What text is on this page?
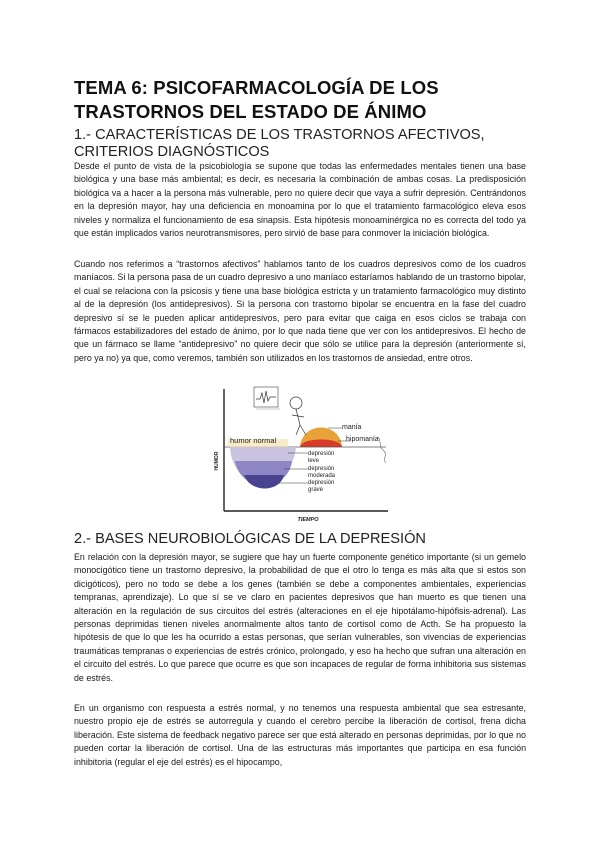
TEMA 6: PSICOFARMACOLOGÍA DE LOS TRASTORNOS DEL ESTADO DE ÁNIMO
1.- CARACTERÍSTICAS DE LOS TRASTORNOS AFECTIVOS, CRITERIOS DIAGNÓSTICOS
Desde el punto de vista de la psicobiología se supone que todas las enfermedades mentales tienen una base biológica y una base más ambiental; es decir, es necesaria la combinación de ambas cosas. La predisposición biológica va a hacer a la persona más vulnerable, pero no quiere decir que vaya a sufrir depresión. Centrándonos en la depresión mayor, hay una deficiencia en monoamina por lo que el tratamiento farmacológico eleva esos niveles y normaliza el funcionamiento de esa sinapsis. Esta hipótesis monoaminérgica no es correcta del todo ya que están implicados varios neurotransmisores, pero sirvió de base para conmover la iniciación biológica.
Cuando nos referimos a “trastornos afectivos” hablamos tanto de los cuadros depresivos como de los cuadros maníacos. Si la persona pasa de un cuadro depresivo a uno maníaco estaríamos hablando de un trastorno bipolar, el cual se relaciona con la psicosis y tiene una base biológica estricta y un tratamiento farmacológico muy distinto al de la depresión (los antidepresivos). Si la persona con trastorno bipolar se encuentra en la fase del cuadro depresivo sí se le pueden aplicar antidepresivos, pero para evitar que caiga en esos ciclos se trabaja con fármacos estabilizadores del estado de ánimo, por lo que nada tiene que ver con los antidepresivos. El hecho de que un fármaco se llame “antidepresivo” no quiere decir que sólo se utilice para la depresión (anteriormente sí, pero ya no) ya que, como veremos, también son utilizados en los trastornos de ansiedad, entre otros.
HUMOR
TIEMPO
manía
hipomanía
humor normal
depresión
leve
depresión
moderada
depresión
grave
2.- BASES NEUROBIOLÓGICAS DE LA DEPRESIÓN
En relación con la depresión mayor, se sugiere que hay un fuerte componente genético importante (si un gemelo monocigótico tiene un trastorno depresivo, la probabilidad de que el otro lo tenga es más alta que si estos son dicigóticos), pero no todo se debe a los genes (también se debe a componentes ambientales, experiencias tempranas, aprendizaje). Lo que sí se ve claro en pacientes depresivos que han muerto es que tienen una alteración en la regulación de sus circuitos del estrés (alteraciones en el eje hipotálamo-hipófisis-adrenal). Las personas deprimidas tienen niveles anormalmente altos tanto de cortisol como de Acth. Se ha propuesto la hipótesis de que lo que les ha ocurrido a estas personas, que serían vulnerables, son vivencias de experiencias traumáticas tempranas o experiencias de estrés crónico, prolongado, y eso ha hecho que sufran una alteración en el circuito del estrés. Lo que parece que ocurre es que son incapaces de regular de forma inhibitoria sus sistemas de estrés.
En un organismo con respuesta a estrés normal, y no tenemos una respuesta ambiental que sea estresante, nuestro propio eje de estrés se autorregula y cuando el cerebro percibe la liberación de cortisol, frena dicha liberación. Este sistema de feedback negativo parece ser que está alterado en personas deprimidas, por lo que no pueden cortar la liberación de cortisol. Una de las estructuras más importantes que participa en esa función inhibitoria (regular el eje del estrés) es el hipocampo,
